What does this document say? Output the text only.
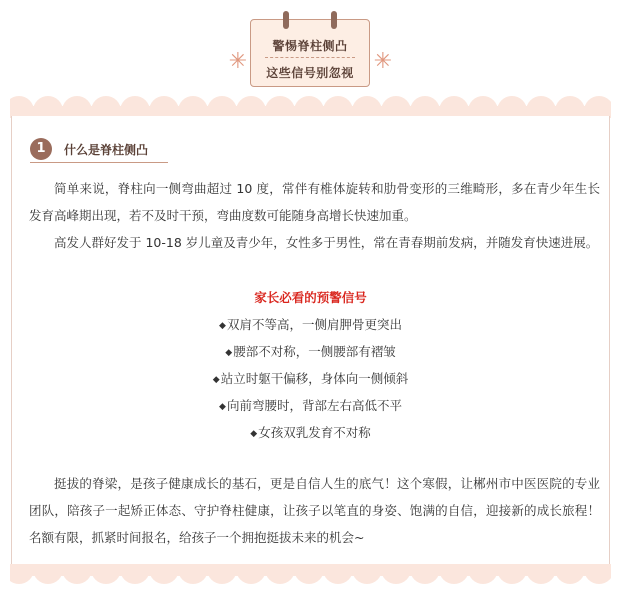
警惕脊柱侧凸
这些信号别忽视
✳	✳
1	什么是脊柱侧凸
简单来说，脊柱向一侧弯曲超过 10 度，常伴有椎体旋转和肋骨变形的三维畸形，多在青少年生长发育高峰期出现，若不及时干预，弯曲度数可能随身高增长快速加重。
高发人群好发于 10-18 岁儿童及青少年，女性多于男性，常在青春期前发病，并随发育快速进展。
家长必看的预警信号
◆双肩不等高，一侧肩胛骨更突出
◆腰部不对称，一侧腰部有褶皱
◆站立时躯干偏移，身体向一侧倾斜
◆向前弯腰时，背部左右高低不平
◆女孩双乳发育不对称
挺拔的脊梁，是孩子健康成长的基石，更是自信人生的底气！这个寒假，让郴州市中医医院的专业团队，陪孩子一起矫正体态、守护脊柱健康，让孩子以笔直的身姿、饱满的自信，迎接新的成长旅程！名额有限，抓紧时间报名，给孩子一个拥抱挺拔未来的机会~
